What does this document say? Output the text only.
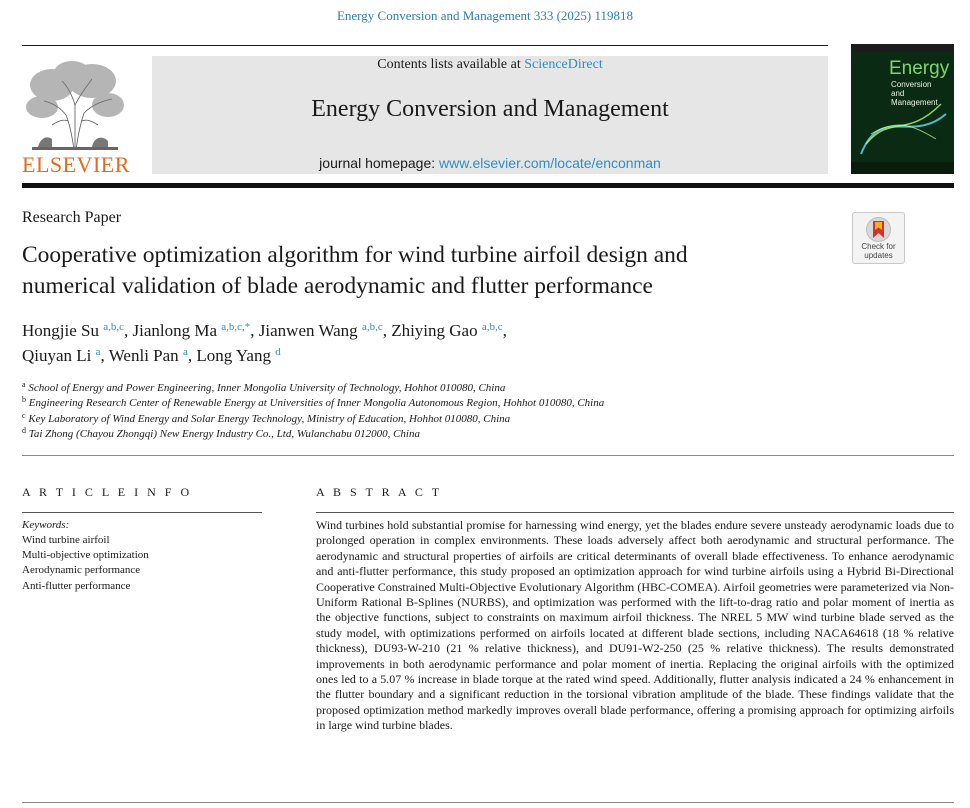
Energy Conversion and Management 333 (2025) 119818
ELSEVIER
Contents lists available at ScienceDirect
Energy Conversion and Management
journal homepage: www.elsevier.com/locate/enconman
Energy
Conversion
and
Management
Research Paper
Cooperative optimization algorithm for wind turbine airfoil design and
numerical validation of blade aerodynamic and flutter performance
Check for
updates
Hongjie Su $^{a,b,c}$, Jianlong Ma $^{a,b,c,*}$, Jianwen Wang $^{a,b,c}$, Zhiying Gao $^{a,b,c}$,
Qiuyan Li $^a$, Wenli Pan $^a$, Long Yang $^d$
$^a$ School of Energy and Power Engineering, Inner Mongolia University of Technology, Hohhot 010080, China
$^b$ Engineering Research Center of Renewable Energy at Universities of Inner Mongolia Autonomous Region, Hohhot 010080, China
$^c$ Key Laboratory of Wind Energy and Solar Energy Technology, Ministry of Education, Hohhot 010080, China
$^d$ Tai Zhong (Chayou Zhongqi) New Energy Industry Co., Ltd, Wulanchabu 012000, China
A R T I C L E I N F O	A B S T R A C T
Keywords:
Wind turbine airfoil
Multi-objective optimization
Aerodynamic performance
Anti-flutter performance
Wind turbines hold substantial promise for harnessing wind energy, yet the blades endure severe unsteady aerodynamic loads due to prolonged operation in complex environments. These loads adversely affect both aerodynamic and structural performance. The aerodynamic and structural properties of airfoils are critical determinants of overall blade effectiveness. To enhance aerodynamic and anti-flutter performance, this study proposed an optimization approach for wind turbine airfoils using a Hybrid Bi-Directional Cooperative Constrained Multi-Objective Evolutionary Algorithm (HBC-COMEA). Airfoil geometries were parameterized via Non-Uniform Rational B-Splines (NURBS), and optimization was performed with the lift-to-drag ratio and polar moment of inertia as the objective functions, subject to constraints on maximum airfoil thickness. The NREL 5 MW wind turbine blade served as the study model, with optimizations performed on airfoils located at different blade sections, including NACA64618 (18 % relative thickness), DU93-W-210 (21 % relative thickness), and DU91-W2-250 (25 % relative thickness). The results demonstrated improvements in both aerodynamic performance and polar moment of inertia. Replacing the original airfoils with the optimized ones led to a 5.07 % increase in blade torque at the rated wind speed. Additionally, flutter analysis indicated a 24 % enhancement in the flutter boundary and a significant reduction in the torsional vibration amplitude of the blade. These findings validate that the proposed optimization method markedly improves overall blade performance, offering a promising approach for optimizing airfoils in large wind turbine blades.
